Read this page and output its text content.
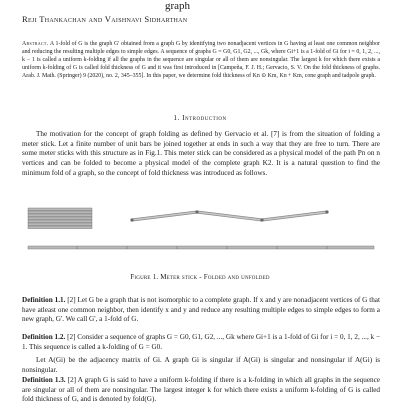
graph
Reji Thankachan and Vaishnavi Sidharthan
Abstract. A 1-fold of G is the graph G' obtained from a graph G by identifying two nonadjacent vertices in G having at least one common neighbor and reducing the resulting multiple edges to simple edges. A sequence of graphs G = G0, G1, G2, ..., Gk, where Gi+1 is a 1-fold of Gi for i = 0, 1, 2, ..., k − 1 is called a uniform k-folding if all the graphs in the sequence are singular or all of them are nonsingular. The largest k for which there exists a uniform k-folding of G is called fold thickness of G and it was first introduced in [Campeña, F. J. H.; Gervacio, S. V. On the fold thickness of graphs. Arab. J. Math. (Springer) 9 (2020), no. 2, 345–355]. In this paper, we determine fold thickness of Kn ⊙ Km, Kn + Km, cone graph and tadpole graph.
1. Introduction
The motivation for the concept of graph folding as defined by Gervacio et al. [7] is from the situation of folding a meter stick. Let a finite number of unit bars be joined together at ends in such a way that they are free to turn. There are some meter sticks with this structure as in Fig.1. This meter stick can be considered as a physical model of the path Pn on n vertices and can be folded to become a physical model of the complete graph K2. It is a natural question to find the minimum fold of a graph, so the concept of fold thickness was introduced as follows.
Figure 1. Meter stick - Folded and unfolded
Definition 1.1. [2] Let G be a graph that is not isomorphic to a complete graph. If x and y are nonadjacent vertices of G that have atleast one common neighbor, then identify x and y and reduce any resulting multiple edges to simple edges to form a new graph, G'. We call G', a 1-fold of G.
Definition 1.2. [2] Consider a sequence of graphs G = G0, G1, G2, ..., Gk where Gi+1 is a 1-fold of Gi for i = 0, 1, 2, ..., k − 1. This sequence is called a k-folding of G = G0.
Let A(Gi) be the adjacency matrix of Gi. A graph Gi is singular if A(Gi) is singular and nonsingular if A(Gi) is nonsingular.
Definition 1.3. [2] A graph G is said to have a uniform k-folding if there is a k-folding in which all graphs in the sequence are singular or all of them are nonsingular. The largest integer k for which there exists a uniform k-folding of G is called fold thickness of G, and is denoted by fold(G).
